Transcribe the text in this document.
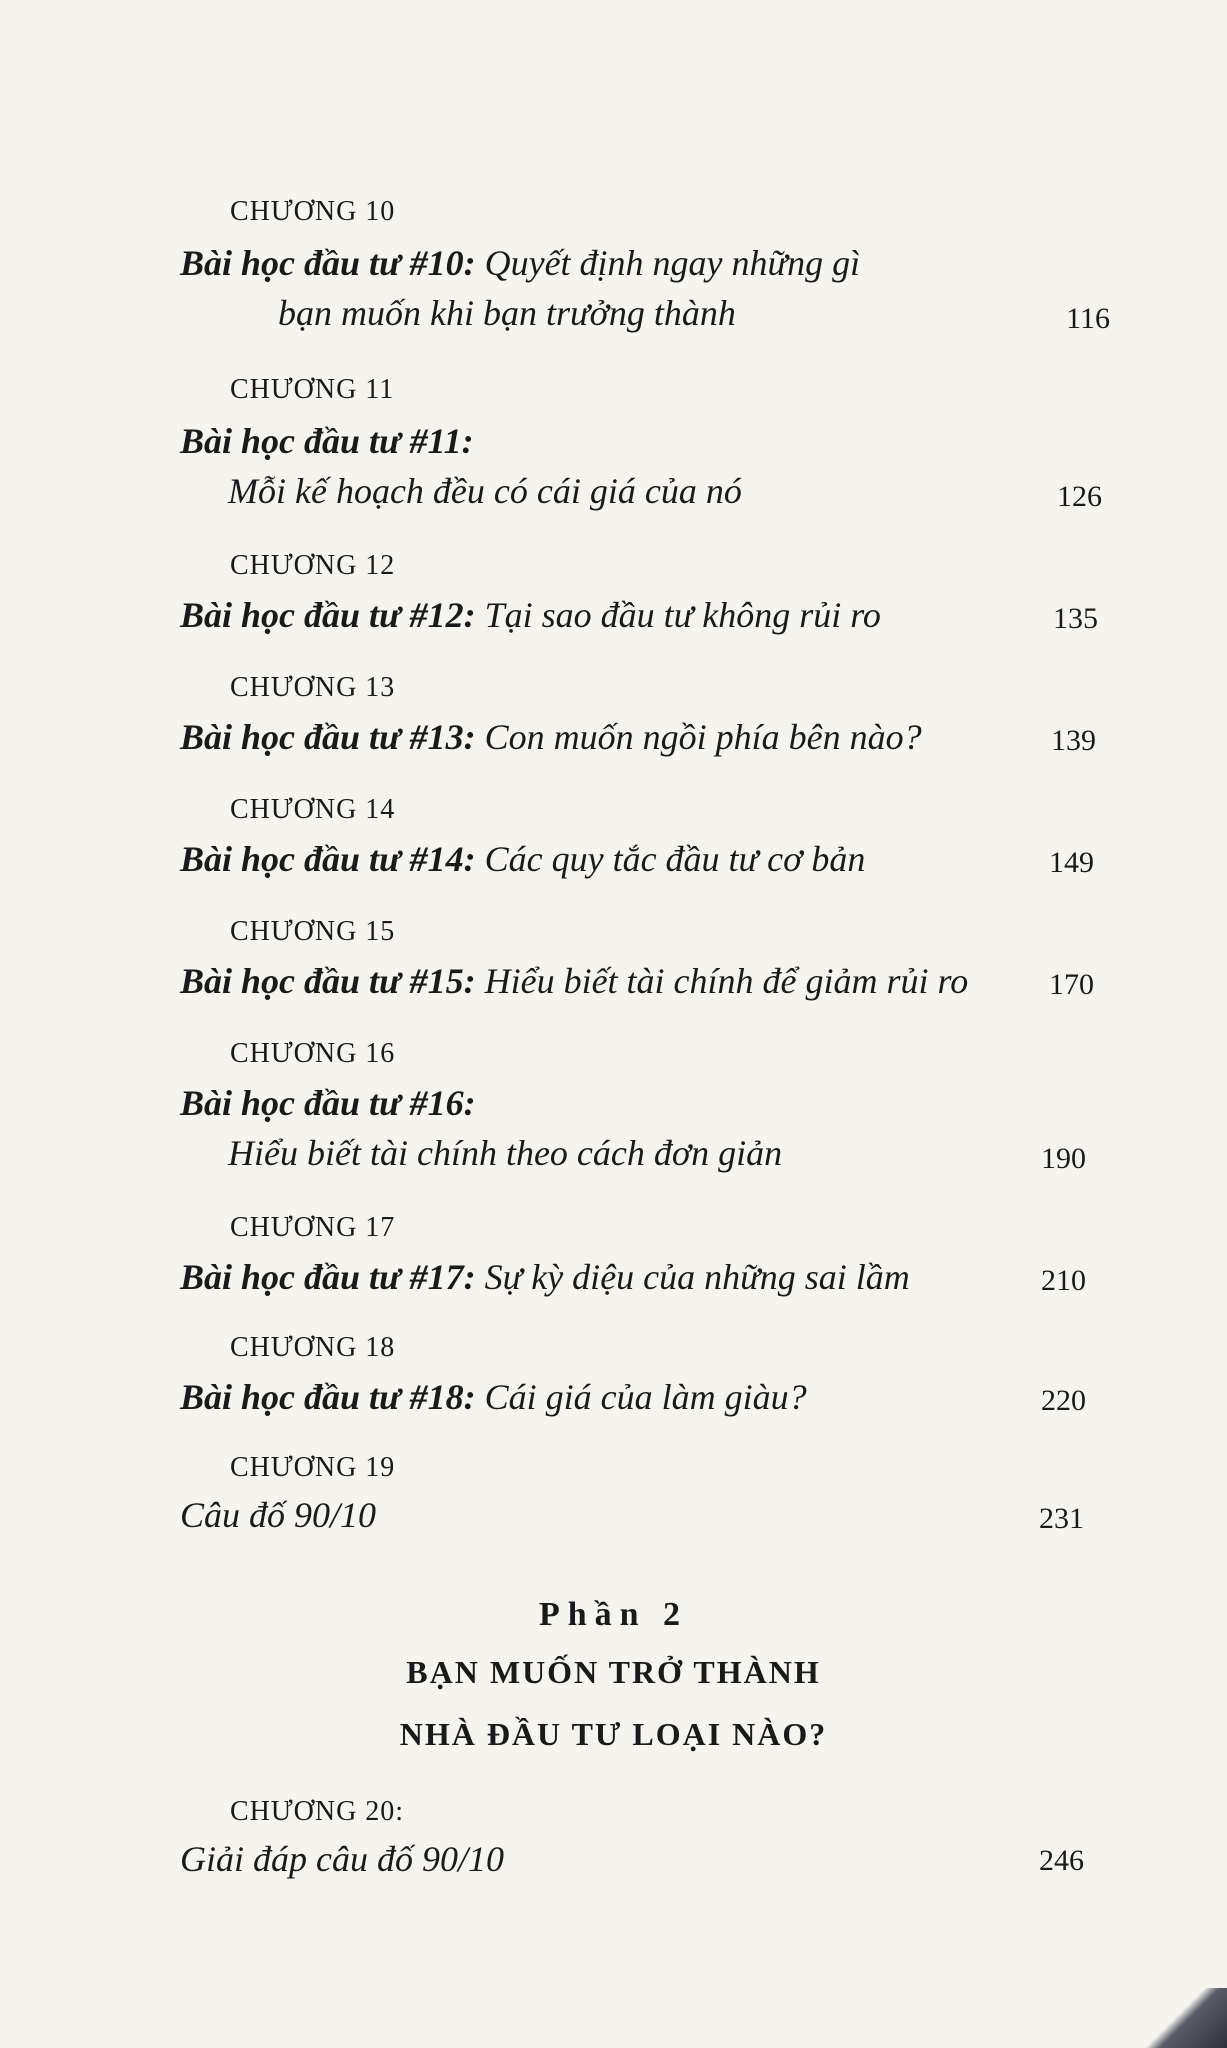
CHƯƠNG 10
Bài học đầu tư #10: Quyết định ngay những gì
bạn muốn khi bạn trưởng thành	116
CHƯƠNG 11
Bài học đầu tư #11:
Mỗi kế hoạch đều có cái giá của nó	126
CHƯƠNG 12
Bài học đầu tư #12: Tại sao đầu tư không rủi ro	135
CHƯƠNG 13
Bài học đầu tư #13: Con muốn ngồi phía bên nào?	139
CHƯƠNG 14
Bài học đầu tư #14: Các quy tắc đầu tư cơ bản	149
CHƯƠNG 15
Bài học đầu tư #15: Hiểu biết tài chính để giảm rủi ro	170
CHƯƠNG 16
Bài học đầu tư #16:
Hiểu biết tài chính theo cách đơn giản	190
CHƯƠNG 17
Bài học đầu tư #17: Sự kỳ diệu của những sai lầm	210
CHƯƠNG 18
Bài học đầu tư #18: Cái giá của làm giàu?	220
CHƯƠNG 19
Câu đố 90/10	231
Phần 2
BẠN MUỐN TRỞ THÀNH
NHÀ ĐẦU TƯ LOẠI NÀO?
CHƯƠNG 20:
Giải đáp câu đố 90/10	246
